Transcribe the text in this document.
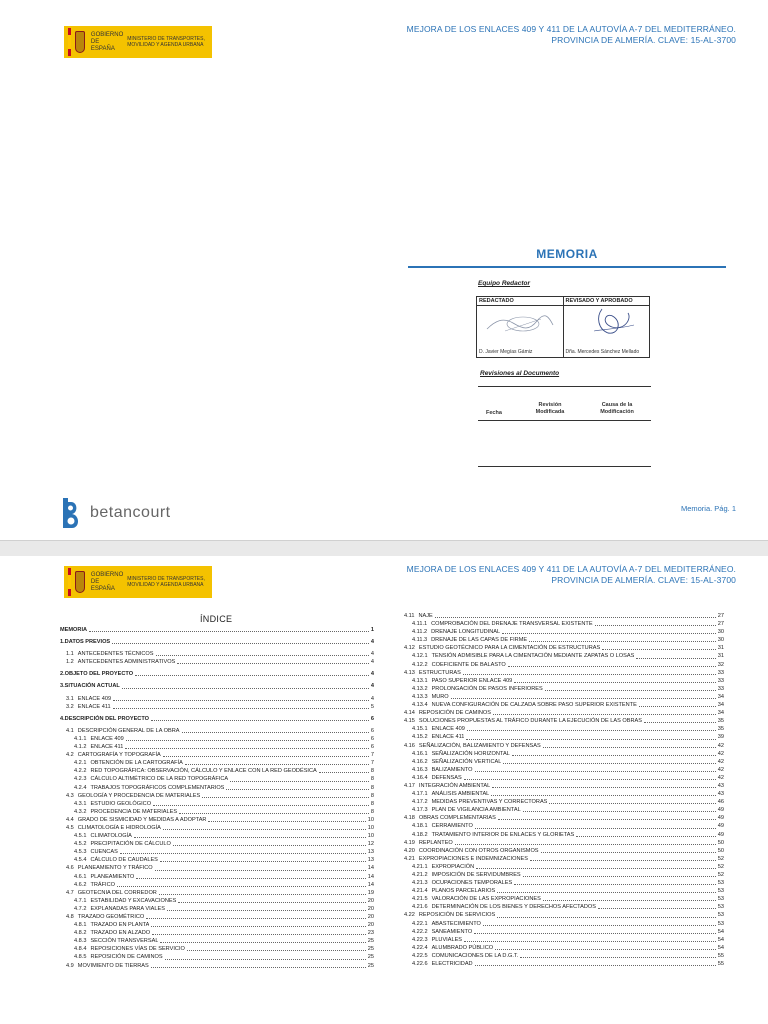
GOBIERNO DE ESPAÑA
MINISTERIO DE TRANSPORTES, MOVILIDAD Y AGENDA URBANA
MEJORA DE LOS ENLACES 409 Y 411 DE LA AUTOVÍA A-7 DEL MEDITERRÁNEO.
PROVINCIA DE ALMERÍA. CLAVE: 15-AL-3700
MEMORIA
Equipo Redactor
REDACTADO
D. Javier Megías Gámiz
REVISADO Y APROBADO
Dña. Mercedes Sánchez Mellado
Revisiones al Documento
Fecha
Revisión Modificada
Causa de la Modificación
betancourt	Memoria. Pág. 1
GOBIERNO DE ESPAÑA
MINISTERIO DE TRANSPORTES, MOVILIDAD Y AGENDA URBANA
MEJORA DE LOS ENLACES 409 Y 411 DE LA AUTOVÍA A-7 DEL MEDITERRÁNEO.
PROVINCIA DE ALMERÍA. CLAVE: 15-AL-3700
ÍNDICE
MEMORIA	1
1. DATOS PREVIOS	4
1.1 ANTECEDENTES TÉCNICOS	4
1.2 ANTECEDENTES ADMINISTRATIVOS	4
2. OBJETO DEL PROYECTO	4
3. SITUACIÓN ACTUAL	4
3.1 ENLACE 409	4
3.2 ENLACE 411	5
4. DESCRIPCIÓN DEL PROYECTO	6
4.1 DESCRIPCIÓN GENERAL DE LA OBRA	6
4.1.1 ENLACE 409	6
4.1.2 ENLACE 411	6
4.2 CARTOGRAFÍA Y TOPOGRAFÍA	7
4.2.1 OBTENCIÓN DE LA CARTOGRAFÍA	7
4.2.2 RED TOPOGRÁFICA: OBSERVACIÓN, CÁLCULO Y ENLACE CON LA RED GEODÉSICA	8
4.2.3 CÁLCULO ALTIMÉTRICO DE LA RED TOPOGRÁFICA	8
4.2.4 TRABAJOS TOPOGRÁFICOS COMPLEMENTARIOS	8
4.3 GEOLOGÍA Y PROCEDENCIA DE MATERIALES	8
4.3.1 ESTUDIO GEOLÓGICO	8
4.3.2 PROCEDENCIA DE MATERIALES	8
4.4 GRADO DE SISMICIDAD Y MEDIDAS A ADOPTAR	10
4.5 CLIMATOLOGÍA E HIDROLOGÍA	10
4.5.1 CLIMATOLOGÍA	10
4.5.2 PRECIPITACIÓN DE CÁLCULO	12
4.5.3 CUENCAS	13
4.5.4 CÁLCULO DE CAUDALES	13
4.6 PLANEAMIENTO Y TRÁFICO	14
4.6.1 PLANEAMIENTO	14
4.6.2 TRÁFICO	14
4.7 GEOTECNIA DEL CORREDOR	19
4.7.1 ESTABILIDAD Y EXCAVACIONES	20
4.7.2 EXPLANADAS PARA VIALES	20
4.8 TRAZADO GEOMÉTRICO	20
4.8.1 TRAZADO EN PLANTA	20
4.8.2 TRAZADO EN ALZADO	23
4.8.3 SECCIÓN TRANSVERSAL	25
4.8.4 REPOSICIONES VÍAS DE SERVICIO	25
4.8.5 REPOSICIÓN DE CAMINOS	25
4.9 MOVIMIENTO DE TIERRAS	25
4.11 NAJE	27
4.11.1 COMPROBACIÓN DEL DRENAJE TRANSVERSAL EXISTENTE	27
4.11.2 DRENAJE LONGITUDINAL	30
4.11.3 DRENAJE DE LAS CAPAS DE FIRME	30
4.12 ESTUDIO GEOTÉCNICO PARA LA CIMENTACIÓN DE ESTRUCTURAS	31
4.12.1 TENSIÓN ADMISIBLE PARA LA CIMENTACIÓN MEDIANTE ZAPATAS O LOSAS	31
4.12.2 COEFICIENTE DE BALASTO	32
4.13 ESTRUCTURAS	33
4.13.1 PASO SUPERIOR ENLACE 409	33
4.13.2 PROLONGACIÓN DE PASOS INFERIORES	33
4.13.3 MURO	34
4.13.4 NUEVA CONFIGURACIÓN DE CALZADA SOBRE PASO SUPERIOR EXISTENTE	34
4.14 REPOSICIÓN DE CAMINOS	34
4.15 SOLUCIONES PROPUESTAS AL TRÁFICO DURANTE LA EJECUCIÓN DE LAS OBRAS	35
4.15.1 ENLACE 409	35
4.15.2 ENLACE 411	39
4.16 SEÑALIZACIÓN, BALIZAMIENTO Y DEFENSAS	42
4.16.1 SEÑALIZACIÓN HORIZONTAL	42
4.16.2 SEÑALIZACIÓN VERTICAL	42
4.16.3 BALIZAMIENTO	42
4.16.4 DEFENSAS	42
4.17 INTEGRACIÓN AMBIENTAL	43
4.17.1 ANÁLISIS AMBIENTAL	43
4.17.2 MEDIDAS PREVENTIVAS Y CORRECTORAS	46
4.17.3 PLAN DE VIGILANCIA AMBIENTAL	49
4.18 OBRAS COMPLEMENTARIAS	49
4.18.1 CERRAMIENTO	49
4.18.2 TRATAMIENTO INTERIOR DE ENLACES Y GLORIETAS	49
4.19 REPLANTEO	50
4.20 COORDINACIÓN CON OTROS ORGANISMOS	50
4.21 EXPROPIACIONES E INDEMNIZACIONES	52
4.21.1 EXPROPIACIÓN	52
4.21.2 IMPOSICIÓN DE SERVIDUMBRES	52
4.21.3 OCUPACIONES TEMPORALES	53
4.21.4 PLANOS PARCELARIOS	53
4.21.5 VALORACIÓN DE LAS EXPROPIACIONES	53
4.21.6 DETERMINACIÓN DE LOS BIENES Y DERECHOS AFECTADOS	53
4.22 REPOSICIÓN DE SERVICIOS	53
4.22.1 ABASTECIMIENTO	53
4.22.2 SANEAMIENTO	54
4.22.3 PLUVIALES	54
4.22.4 ALUMBRADO PÚBLICO	54
4.22.5 COMUNICACIONES DE LA D.G.T.	55
4.22.6 ELECTRICIDAD	55
